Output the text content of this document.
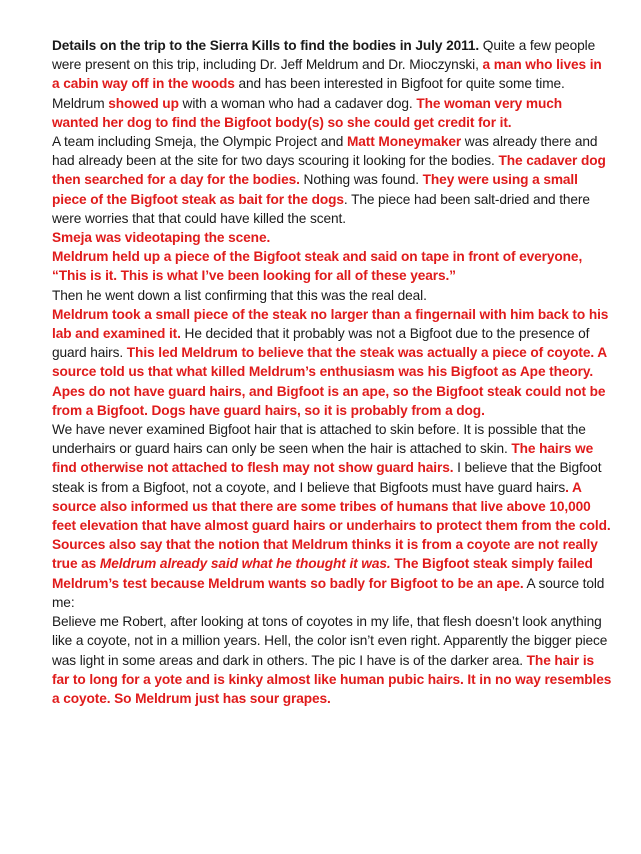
Details on the trip to the Sierra Kills to find the bodies in July 2011. Quite a few people were present on this trip, including Dr. Jeff Meldrum and Dr. Mioczynski, a man who lives in a cabin way off in the woods and has been interested in Bigfoot for quite some time. Meldrum showed up with a woman who had a cadaver dog. The woman very much wanted her dog to find the Bigfoot body(s) so she could get credit for it.

A team including Smeja, the Olympic Project and Matt Moneymaker was already there and had already been at the site for two days scouring it looking for the bodies. The cadaver dog then searched for a day for the bodies. Nothing was found. They were using a small piece of the Bigfoot steak as bait for the dogs. The piece had been salt-dried and there were worries that that could have killed the scent.

Smeja was videotaping the scene.

Meldrum held up a piece of the Bigfoot steak and said on tape in front of everyone, “This is it. This is what I’ve been looking for all of these years.”

Then he went down a list confirming that this was the real deal.

Meldrum took a small piece of the steak no larger than a fingernail with him back to his lab and examined it. He decided that it probably was not a Bigfoot due to the presence of guard hairs. This led Meldrum to believe that the steak was actually a piece of coyote. A source told us that what killed Meldrum’s enthusiasm was his Bigfoot as Ape theory. Apes do not have guard hairs, and Bigfoot is an ape, so the Bigfoot steak could not be from a Bigfoot. Dogs have guard hairs, so it is probably from a dog.

We have never examined Bigfoot hair that is attached to skin before. It is possible that the underhairs or guard hairs can only be seen when the hair is attached to skin. The hairs we find otherwise not attached to flesh may not show guard hairs. I believe that the Bigfoot steak is from a Bigfoot, not a coyote, and I believe that Bigfoots must have guard hairs. A source also informed us that there are some tribes of humans that live above 10,000 feet elevation that have almost guard hairs or underhairs to protect them from the cold.

Sources also say that the notion that Meldrum thinks it is from a coyote are not really true as Meldrum already said what he thought it was. The Bigfoot steak simply failed Meldrum’s test because Meldrum wants so badly for Bigfoot to be an ape. A source told me:

Believe me Robert, after looking at tons of coyotes in my life, that flesh doesn’t look anything like a coyote, not in a million years. Hell, the color isn’t even right. Apparently the bigger piece was light in some areas and dark in others. The pic I have is of the darker area. The hair is far to long for a yote and is kinky almost like human pubic hairs. It in no way resembles a coyote. So Meldrum just has sour grapes.
